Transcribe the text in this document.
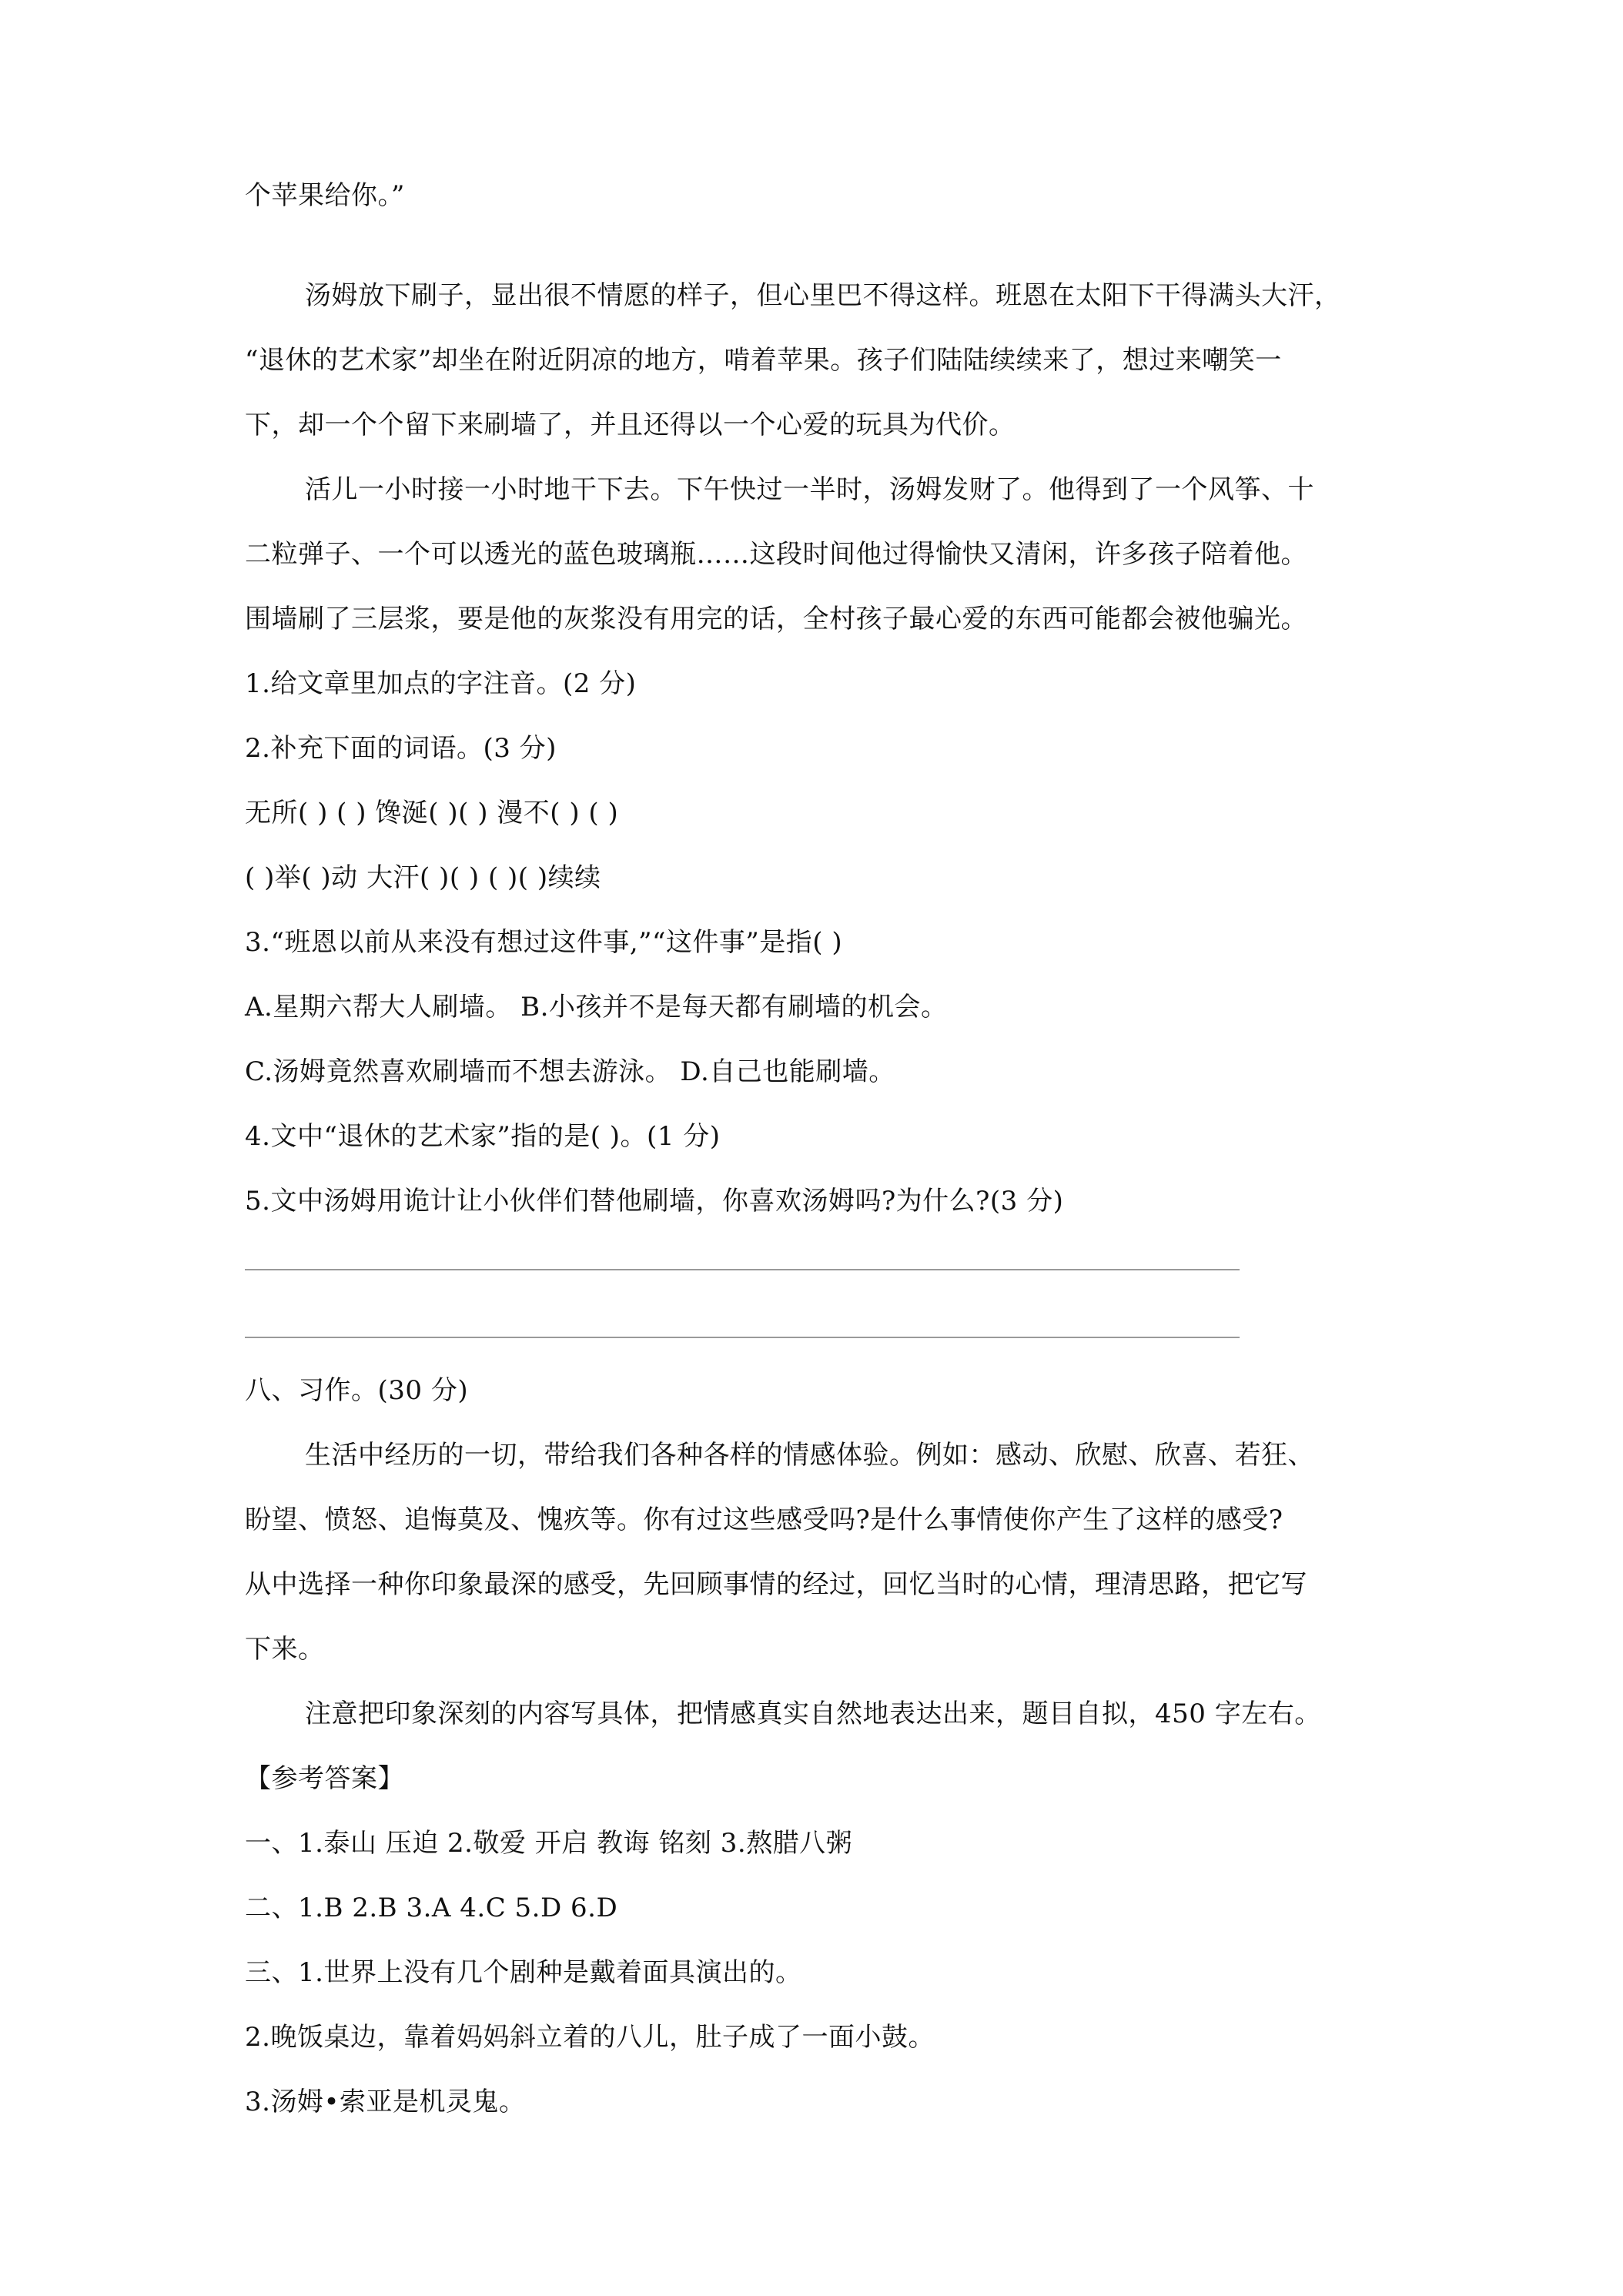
个苹果给你。”
汤姆放下刷子，显出很不情愿的样子，但心里巴不得这样。班恩在太阳下干得满头大汗，
“退休的艺术家”却坐在附近阴凉的地方，啃着苹果。孩子们陆陆续续来了，想过来嘲笑一
下，却一个个留下来刷墙了，并且还得以一个心爱的玩具为代价。
活儿一小时接一小时地干下去。下午快过一半时，汤姆发财了。他得到了一个风筝、十
二粒弹子、一个可以透光的蓝色玻璃瓶……这段时间他过得愉快又清闲，许多孩子陪着他。
围墙刷了三层浆，要是他的灰浆没有用完的话，全村孩子最心爱的东西可能都会被他骗光。
1.给文章里加点的字注音。(2 分)
2.补充下面的词语。(3 分)
无所( ) ( ) 馋涎( )( ) 漫不( ) ( )
( )举( )动 大汗( )( ) ( )( )续续
3.“班恩以前从来没有想过这件事,”“这件事”是指( )
A.星期六帮大人刷墙。 B.小孩并不是每天都有刷墙的机会。
C.汤姆竟然喜欢刷墙而不想去游泳。 D.自己也能刷墙。
4.文中“退休的艺术家”指的是( )。(1 分)
5.文中汤姆用诡计让小伙伴们替他刷墙，你喜欢汤姆吗?为什么?(3 分)
八、习作。(30 分)
生活中经历的一切，带给我们各种各样的情感体验。例如：感动、欣慰、欣喜、若狂、
盼望、愤怒、追悔莫及、愧疚等。你有过这些感受吗?是什么事情使你产生了这样的感受?
从中选择一种你印象最深的感受，先回顾事情的经过，回忆当时的心情，理清思路，把它写
下来。
注意把印象深刻的内容写具体，把情感真实自然地表达出来，题目自拟，450 字左右。
【参考答案】
一、1.泰山 压迫 2.敬爱 开启 教诲 铭刻 3.熬腊八粥
二、1.B 2.B 3.A 4.C 5.D 6.D
三、1.世界上没有几个剧种是戴着面具演出的。
2.晚饭桌边，靠着妈妈斜立着的八儿，肚子成了一面小鼓。
3.汤姆•索亚是机灵鬼。
